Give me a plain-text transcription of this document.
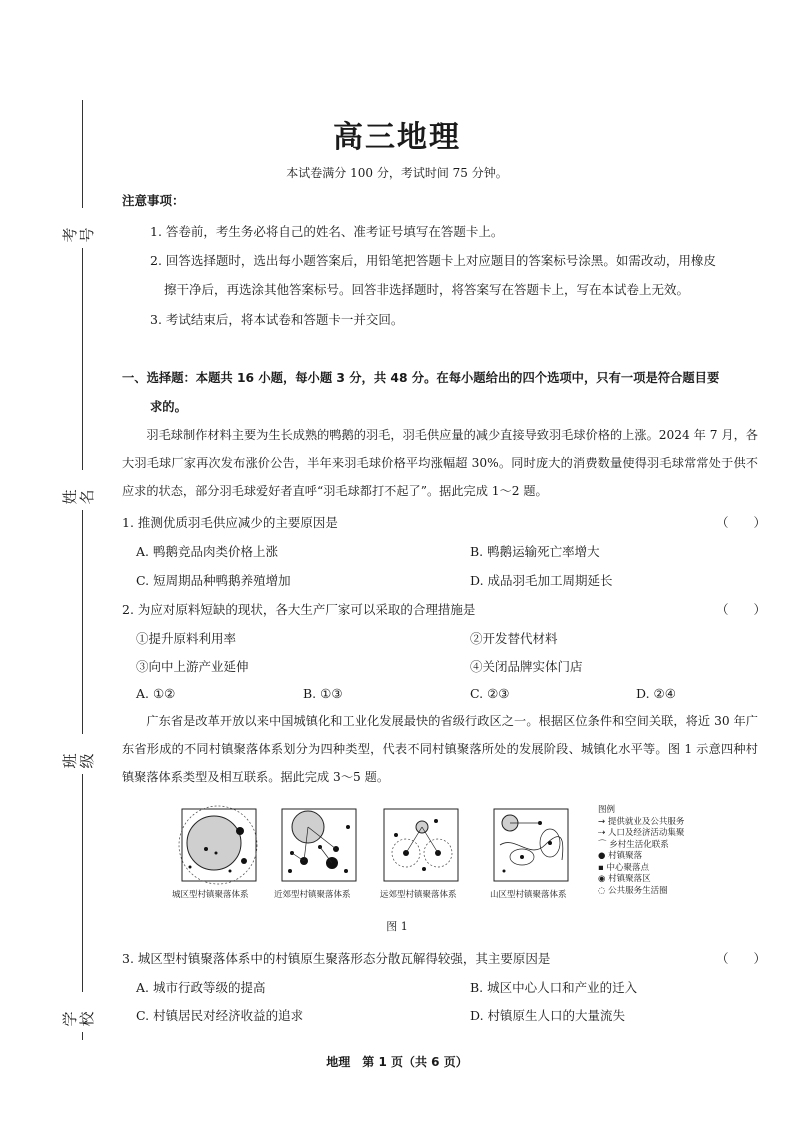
考号
姓名
班级
学校
高三地理
本试卷满分 100 分，考试时间 75 分钟。
注意事项：
1. 答卷前，考生务必将自己的姓名、准考证号填写在答题卡上。
2. 回答选择题时，选出每小题答案后，用铅笔把答题卡上对应题目的答案标号涂黑。如需改动，用橡皮
擦干净后，再选涂其他答案标号。回答非选择题时，将答案写在答题卡上，写在本试卷上无效。
3. 考试结束后，将本试卷和答题卡一并交回。
一、选择题：本题共 16 小题，每小题 3 分，共 48 分。在每小题给出的四个选项中，只有一项是符合题目要
求的。
羽毛球制作材料主要为生长成熟的鸭鹅的羽毛，羽毛供应量的减少直接导致羽毛球价格的上涨。2024 年 7 月，各大羽毛球厂家再次发布涨价公告，半年来羽毛球价格平均涨幅超 30%。同时庞大的消费数量使得羽毛球常常处于供不应求的状态，部分羽毛球爱好者直呼“羽毛球都打不起了”。据此完成 1～2 题。
1. 推测优质羽毛供应减少的主要原因是	（　　）
A. 鸭鹅竞品肉类价格上涨	B. 鸭鹅运输死亡率增大
C. 短周期品种鸭鹅养殖增加	D. 成品羽毛加工周期延长
2. 为应对原料短缺的现状，各大生产厂家可以采取的合理措施是	（　　）
①提升原料利用率	②开发替代材料
③向中上游产业延伸	④关闭品牌实体门店
A. ①②	B. ①③	C. ②③	D. ②④
广东省是改革开放以来中国城镇化和工业化发展最快的省级行政区之一。根据区位条件和空间关联，将近 30 年广东省形成的不同村镇聚落体系划分为四种类型，代表不同村镇聚落所处的发展阶段、城镇化水平等。图 1 示意四种村镇聚落体系类型及相互联系。据此完成 3～5 题。
城区型村镇聚落体系	近郊型村镇聚落体系	远郊型村镇聚落体系	山区型村镇聚落体系
图例
→ 提供就业及公共服务
⇢ 人口及经济活动集聚
⌒ 乡村生活化联系
● 村镇聚落
▪ 中心聚落点
◉ 村镇聚落区
◌ 公共服务生活圈
图 1
3. 城区型村镇聚落体系中的村镇原生聚落形态分散瓦解得较强，其主要原因是	（　　）
A. 城市行政等级的提高	B. 城区中心人口和产业的迁入
C. 村镇居民对经济收益的追求	D. 村镇原生人口的大量流失
地理　第 1 页（共 6 页）
